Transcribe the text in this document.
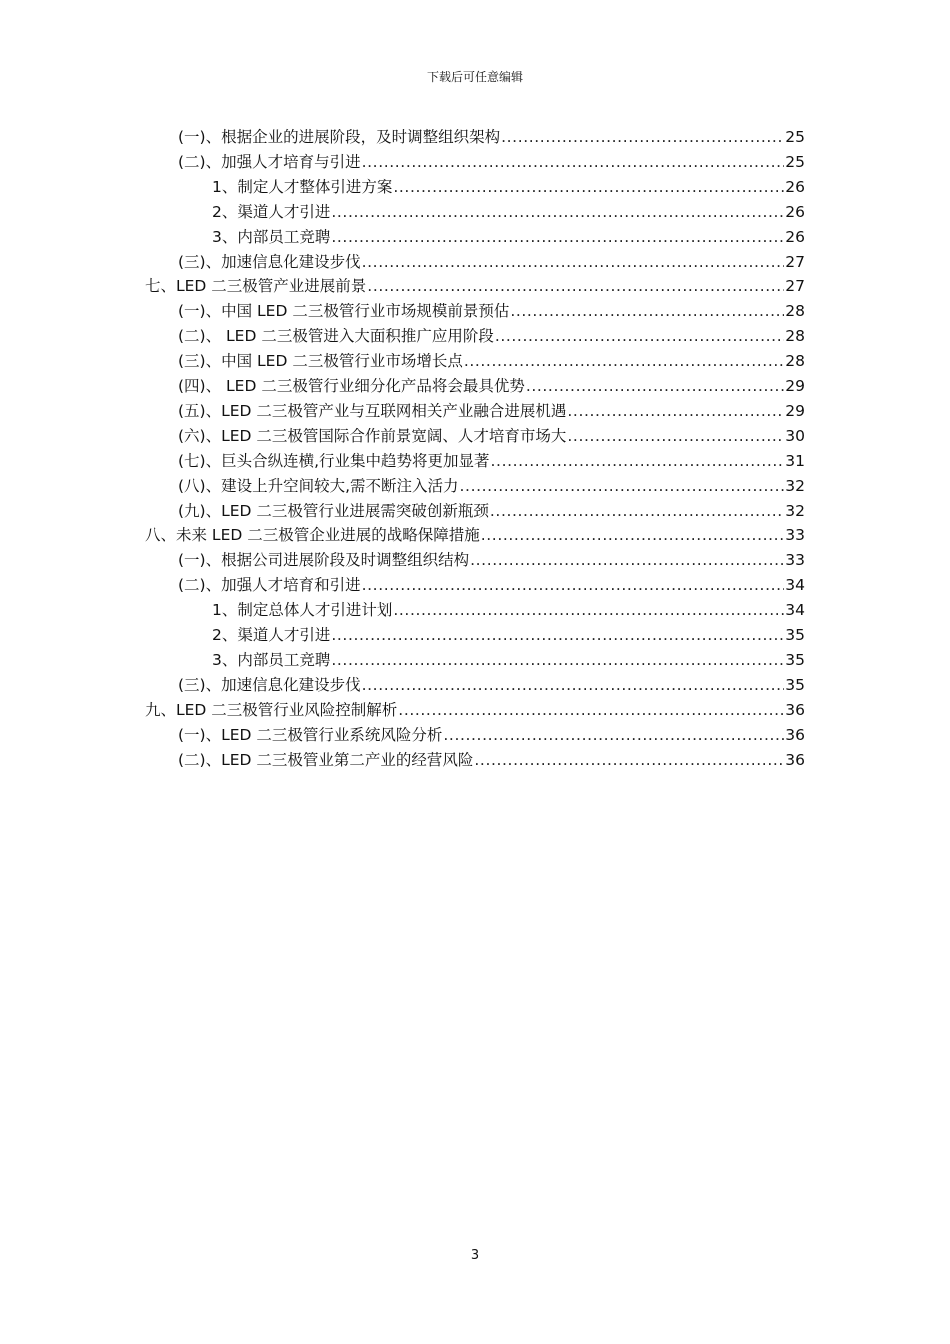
下载后可任意编辑
(一)、根据企业的进展阶段，及时调整组织架构 .....	25
(二)、加强人才培育与引进 .....	25
1、制定人才整体引进方案 .....	26
2、渠道人才引进 .....	26
3、内部员工竞聘 .....	26
(三)、加速信息化建设步伐 .....	27
七、LED 二三极管产业进展前景 .....	27
(一)、中国 LED 二三极管行业市场规模前景预估 .....	28
(二)、 LED 二三极管进入大面积推广应用阶段 .....	28
(三)、中国 LED 二三极管行业市场增长点 .....	28
(四)、 LED 二三极管行业细分化产品将会最具优势 .....	29
(五)、LED 二三极管产业与互联网相关产业融合进展机遇 .....	29
(六)、LED 二三极管国际合作前景宽阔、人才培育市场大 .....	30
(七)、巨头合纵连横,行业集中趋势将更加显著 .....	31
(八)、建设上升空间较大,需不断注入活力 .....	32
(九)、LED 二三极管行业进展需突破创新瓶颈 .....	32
八、未来 LED 二三极管企业进展的战略保障措施 .....	33
(一)、根据公司进展阶段及时调整组织结构 .....	33
(二)、加强人才培育和引进 .....	34
1、制定总体人才引进计划 .....	34
2、渠道人才引进 .....	35
3、内部员工竞聘 .....	35
(三)、加速信息化建设步伐 .....	35
九、LED 二三极管行业风险控制解析 .....	36
(一)、LED 二三极管行业系统风险分析 .....	36
(二)、LED 二三极管业第二产业的经营风险 .....	36
3
